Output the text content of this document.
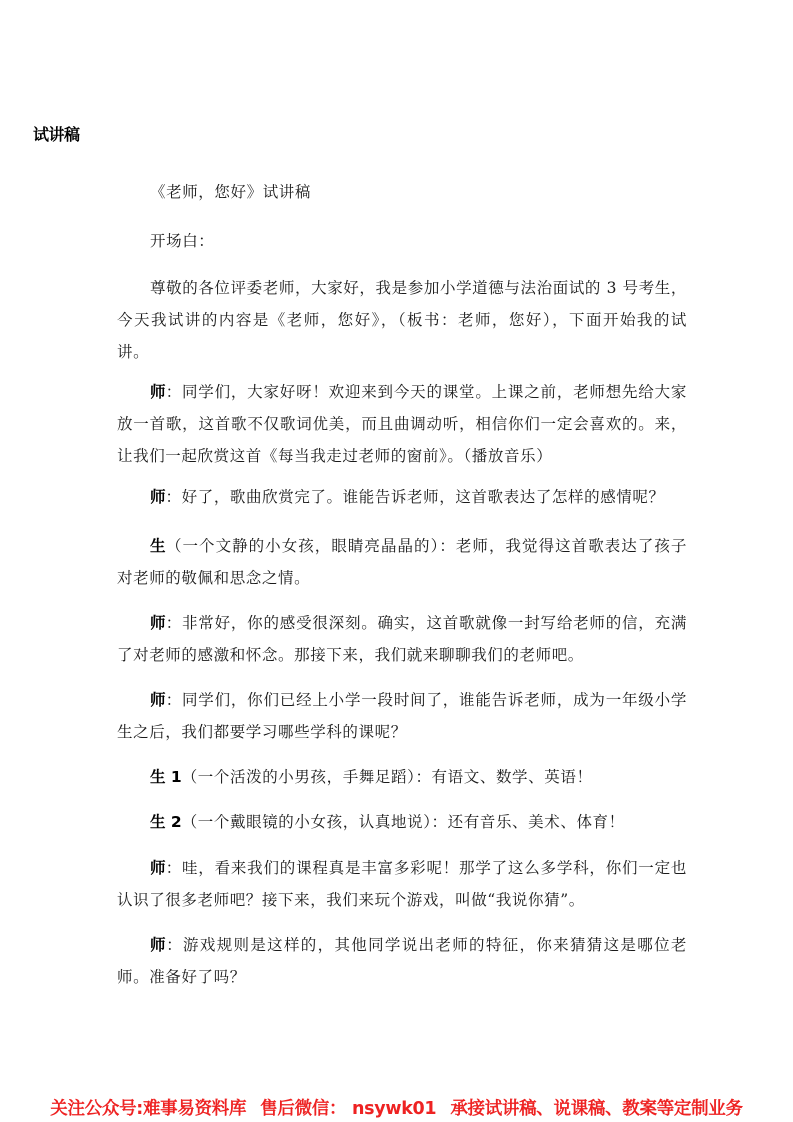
试讲稿

《老师，您好》试讲稿

开场白：

尊敬的各位评委老师，大家好，我是参加小学道德与法治面试的 3 号考生，今天我试讲的内容是《老师，您好》，（板书：老师，您好），下面开始我的试讲。

师：同学们，大家好呀！欢迎来到今天的课堂。上课之前，老师想先给大家放一首歌，这首歌不仅歌词优美，而且曲调动听，相信你们一定会喜欢的。来，让我们一起欣赏这首《每当我走过老师的窗前》。（播放音乐）

师：好了，歌曲欣赏完了。谁能告诉老师，这首歌表达了怎样的感情呢？

生（一个文静的小女孩，眼睛亮晶晶的）：老师，我觉得这首歌表达了孩子对老师的敬佩和思念之情。

师：非常好，你的感受很深刻。确实，这首歌就像一封写给老师的信，充满了对老师的感激和怀念。那接下来，我们就来聊聊我们的老师吧。

师：同学们，你们已经上小学一段时间了，谁能告诉老师，成为一年级小学生之后，我们都要学习哪些学科的课呢？

生 1（一个活泼的小男孩，手舞足蹈）：有语文、数学、英语！

生 2（一个戴眼镜的小女孩，认真地说）：还有音乐、美术、体育！

师：哇，看来我们的课程真是丰富多彩呢！那学了这么多学科，你们一定也认识了很多老师吧？接下来，我们来玩个游戏，叫做“我说你猜”。

师：游戏规则是这样的，其他同学说出老师的特征，你来猜猜这是哪位老师。准备好了吗？

关注公众号:难事易资料库 售后微信： nsywk01 承接试讲稿、说课稿、教案等定制业务
